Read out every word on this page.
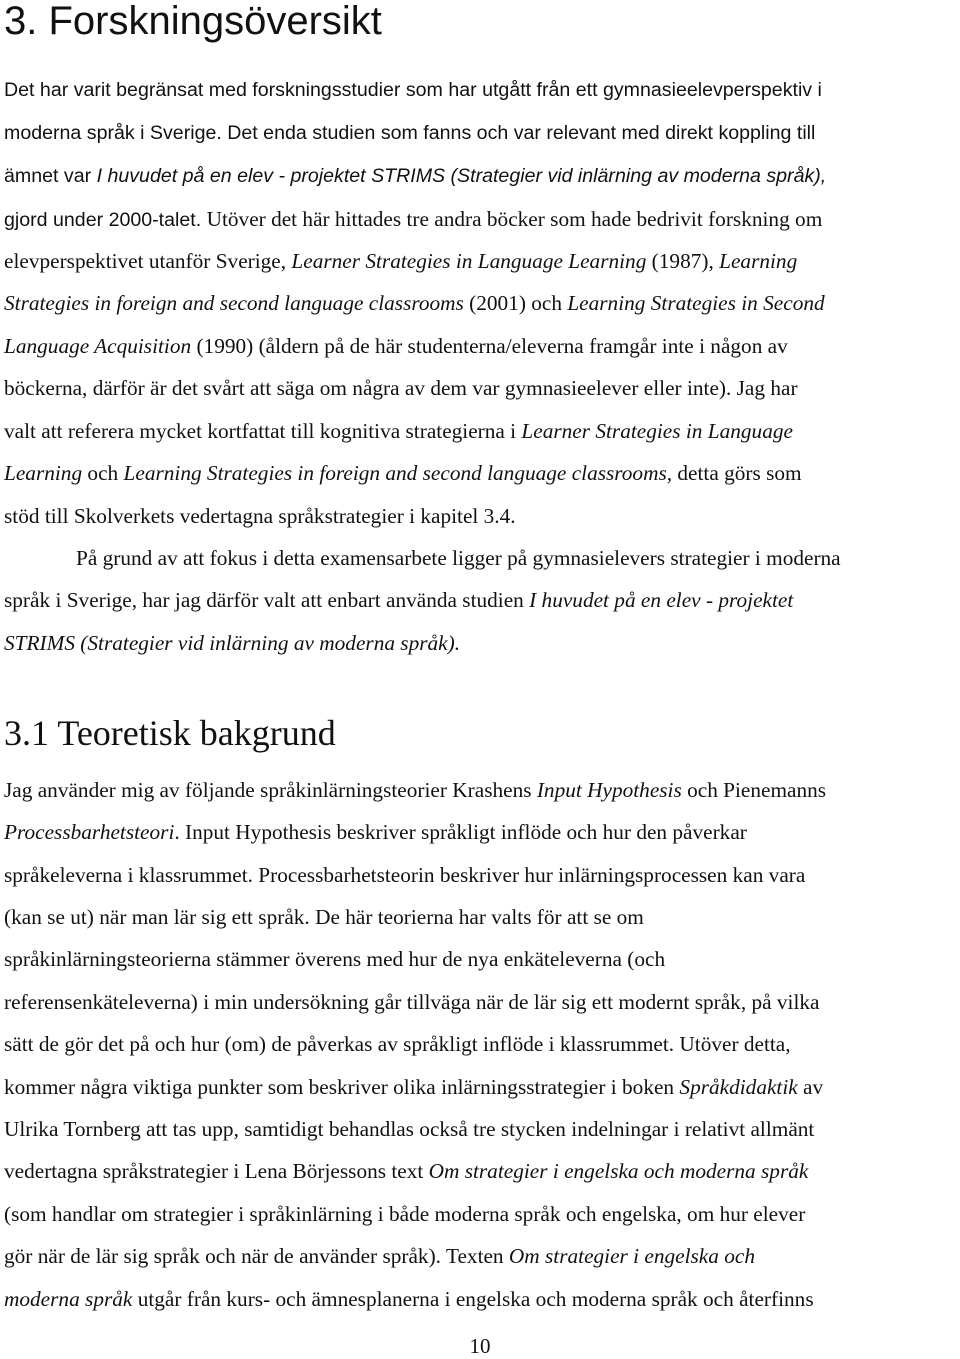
3. Forskningsöversikt
Det har varit begränsat med forskningsstudier som har utgått från ett gymnasieelevperspektiv i
moderna språk i Sverige. Det enda studien som fanns och var relevant med direkt koppling till
ämnet var I huvudet på en elev - projektet STRIMS (Strategier vid inlärning av moderna språk),
gjord under 2000-talet. Utöver det här hittades tre andra böcker som hade bedrivit forskning om
elevperspektivet utanför Sverige, Learner Strategies in Language Learning (1987), Learning
Strategies in foreign and second language classrooms (2001) och Learning Strategies in Second
Language Acquisition (1990) (åldern på de här studenterna/eleverna framgår inte i någon av
böckerna, därför är det svårt att säga om några av dem var gymnasieelever eller inte). Jag har
valt att referera mycket kortfattat till kognitiva strategierna i Learner Strategies in Language
Learning och Learning Strategies in foreign and second language classrooms, detta görs som
stöd till Skolverkets vedertagna språkstrategier i kapitel 3.4.
På grund av att fokus i detta examensarbete ligger på gymnasielevers strategier i moderna
språk i Sverige, har jag därför valt att enbart använda studien I huvudet på en elev - projektet
STRIMS (Strategier vid inlärning av moderna språk).
3.1 Teoretisk bakgrund
Jag använder mig av följande språkinlärningsteorier Krashens Input Hypothesis och Pienemanns
Processbarhetsteori. Input Hypothesis beskriver språkligt inflöde och hur den påverkar
språkeleverna i klassrummet. Processbarhetsteorin beskriver hur inlärningsprocessen kan vara
(kan se ut) när man lär sig ett språk. De här teorierna har valts för att se om
språkinlärningsteorierna stämmer överens med hur de nya enkäteleverna (och
referensenkäteleverna) i min undersökning går tillväga när de lär sig ett modernt språk, på vilka
sätt de gör det på och hur (om) de påverkas av språkligt inflöde i klassrummet. Utöver detta,
kommer några viktiga punkter som beskriver olika inlärningsstrategier i boken Språkdidaktik av
Ulrika Tornberg att tas upp, samtidigt behandlas också tre stycken indelningar i relativt allmänt
vedertagna språkstrategier i Lena Börjessons text Om strategier i engelska och moderna språk
(som handlar om strategier i språkinlärning i både moderna språk och engelska, om hur elever
gör när de lär sig språk och när de använder språk). Texten Om strategier i engelska och
moderna språk utgår från kurs- och ämnesplanerna i engelska och moderna språk och återfinns
10
